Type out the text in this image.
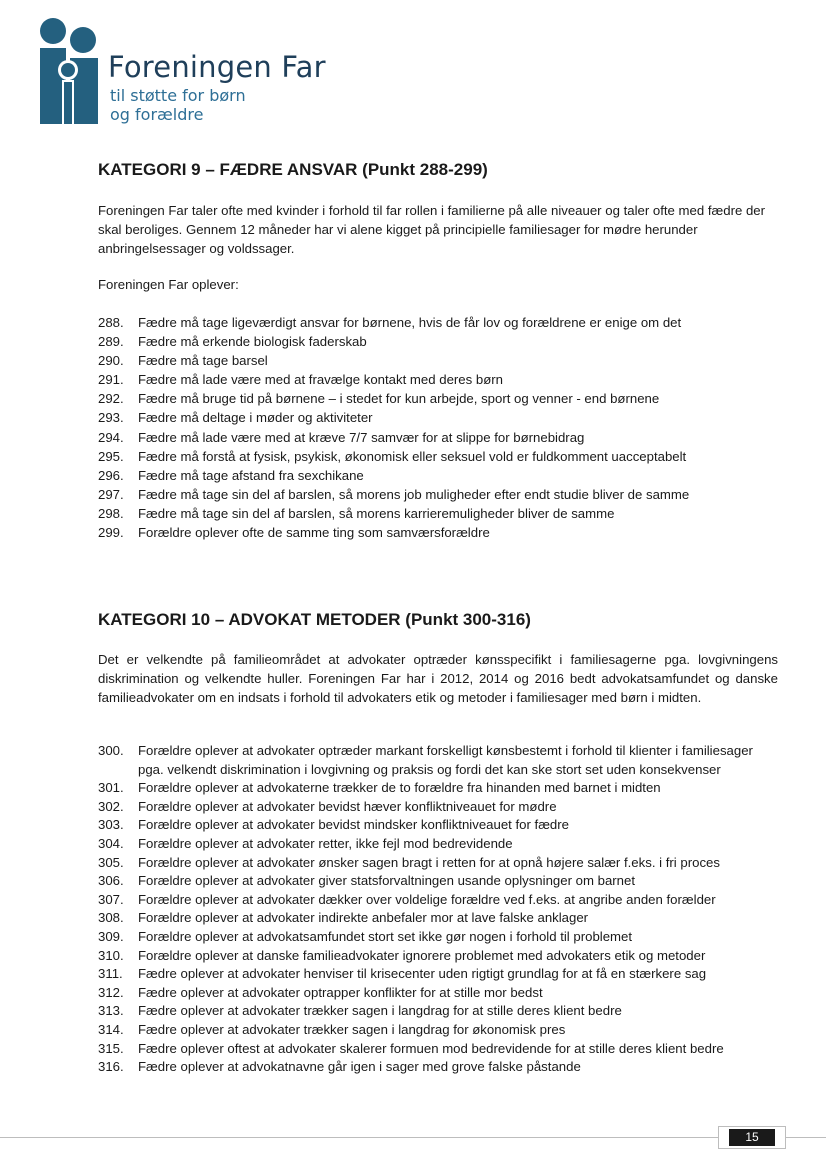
Foreningen Far
til støtte for børn
og forældre
KATEGORI 9 – FÆDRE ANSVAR (Punkt 288-299)

Foreningen Far taler ofte med kvinder i forhold til far rollen i familierne på alle niveauer og taler ofte med fædre der skal beroliges. Gennem 12 måneder har vi alene kigget på principielle familiesager for mødre herunder anbringelsessager og voldssager.

Foreningen Far oplever:

288.	Fædre må tage ligeværdigt ansvar for børnene, hvis de får lov og forældrene er enige om det
289.	Fædre må erkende biologisk faderskab
290.	Fædre må tage barsel
291.	Fædre må lade være med at fravælge kontakt med deres børn
292.	Fædre må bruge tid på børnene – i stedet for kun arbejde, sport og venner - end børnene
293.	Fædre må deltage i møder og aktiviteter
294.	Fædre må lade være med at kræve 7/7 samvær for at slippe for børnebidrag
295.	Fædre må forstå at fysisk, psykisk, økonomisk eller seksuel vold er fuldkomment uacceptabelt
296.	Fædre må tage afstand fra sexchikane
297.	Fædre må tage sin del af barslen, så morens job muligheder efter endt studie bliver de samme
298.	Fædre må tage sin del af barslen, så morens karrieremuligheder bliver de samme
299.	Forældre oplever ofte de samme ting som samværsforældre
KATEGORI 10 – ADVOKAT METODER (Punkt 300-316)

Det er velkendte på familieområdet at advokater optræder kønsspecifikt i familiesagerne pga. lovgivningens diskrimination og velkendte huller. Foreningen Far har i 2012, 2014 og 2016 bedt advokatsamfundet og danske familieadvokater om en indsats i forhold til advokaters etik og metoder i familiesager med børn i midten.

300.	Forældre oplever at advokater optræder markant forskelligt kønsbestemt i forhold til klienter i familiesager pga. velkendt diskrimination i lovgivning og praksis og fordi det kan ske stort set uden konsekvenser
301.	Forældre oplever at advokaterne trækker de to forældre fra hinanden med barnet i midten
302.	Forældre oplever at advokater bevidst hæver konfliktniveauet for mødre
303.	Forældre oplever at advokater bevidst mindsker konfliktniveauet for fædre
304.	Forældre oplever at advokater retter, ikke fejl mod bedrevidende
305.	Forældre oplever at advokater ønsker sagen bragt i retten for at opnå højere salær f.eks. i fri proces
306.	Forældre oplever at advokater giver statsforvaltningen usande oplysninger om barnet
307.	Forældre oplever at advokater dækker over voldelige forældre ved f.eks. at angribe anden forælder
308.	Forældre oplever at advokater indirekte anbefaler mor at lave falske anklager
309.	Forældre oplever at advokatsamfundet stort set ikke gør nogen i forhold til problemet
310.	Forældre oplever at danske familieadvokater ignorere problemet med advokaters etik og metoder
311.	Fædre oplever at advokater henviser til krisecenter uden rigtigt grundlag for at få en stærkere sag
312.	Fædre oplever at advokater optrapper konflikter for at stille mor bedst
313.	Fædre oplever at advokater trækker sagen i langdrag for at stille deres klient bedre
314.	Fædre oplever at advokater trækker sagen i langdrag for økonomisk pres
315.	Fædre oplever oftest at advokater skalerer formuen mod bedrevidende for at stille deres klient bedre
316.	Fædre oplever at advokatnavne går igen i sager med grove falske påstande
15
